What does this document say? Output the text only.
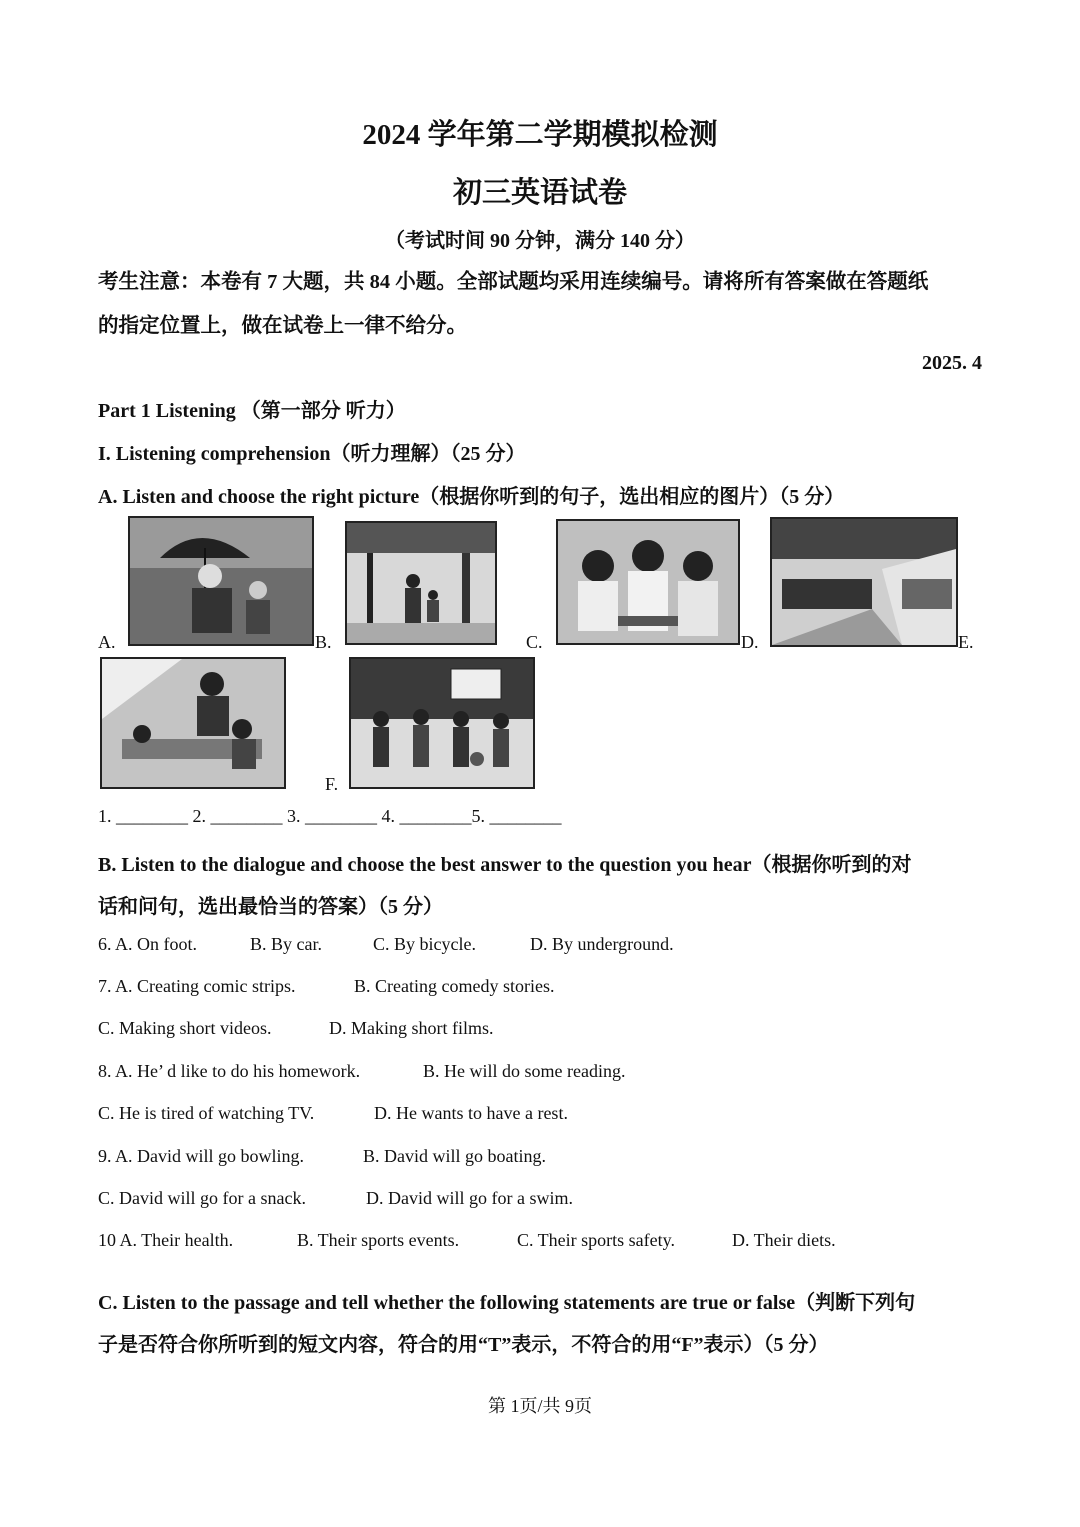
2024 学年第二学期模拟检测
初三英语试卷
（考试时间 90 分钟，满分 140 分）
考生注意：本卷有 7 大题，共 84 小题。全部试题均采用连续编号。请将所有答案做在答题纸
的指定位置上，做在试卷上一律不给分。
2025. 4
Part 1 Listening （第一部分 听力）
I. Listening comprehension（听力理解）（25 分）
A. Listen and choose the right picture（根据你听到的句子，选出相应的图片）（5 分）
A.	B.	C.	D.	E.
F.
1. ________ 2. ________ 3. ________ 4. ________5. ________
B. Listen to the dialogue and choose the best answer to the question you hear（根据你听到的对
话和问句，选出最恰当的答案）（5 分）
6. A. On foot.	B. By car.	C. By bicycle.	D. By underground.
7. A. Creating comic strips.	B. Creating comedy stories.
C. Making short videos.	D. Making short films.
8. A. He’ d like to do his homework.	B. He will do some reading.
C. He is tired of watching TV.	D. He wants to have a rest.
9. A. David will go bowling.	B. David will go boating.
C. David will go for a snack.	D. David will go for a swim.
10 A. Their health.	B. Their sports events.	C. Their sports safety.	D. Their diets.
C. Listen to the passage and tell whether the following statements are true or false（判断下列句
子是否符合你所听到的短文内容，符合的用“T”表示，不符合的用“F”表示）（5 分）
第 1页/共 9页
